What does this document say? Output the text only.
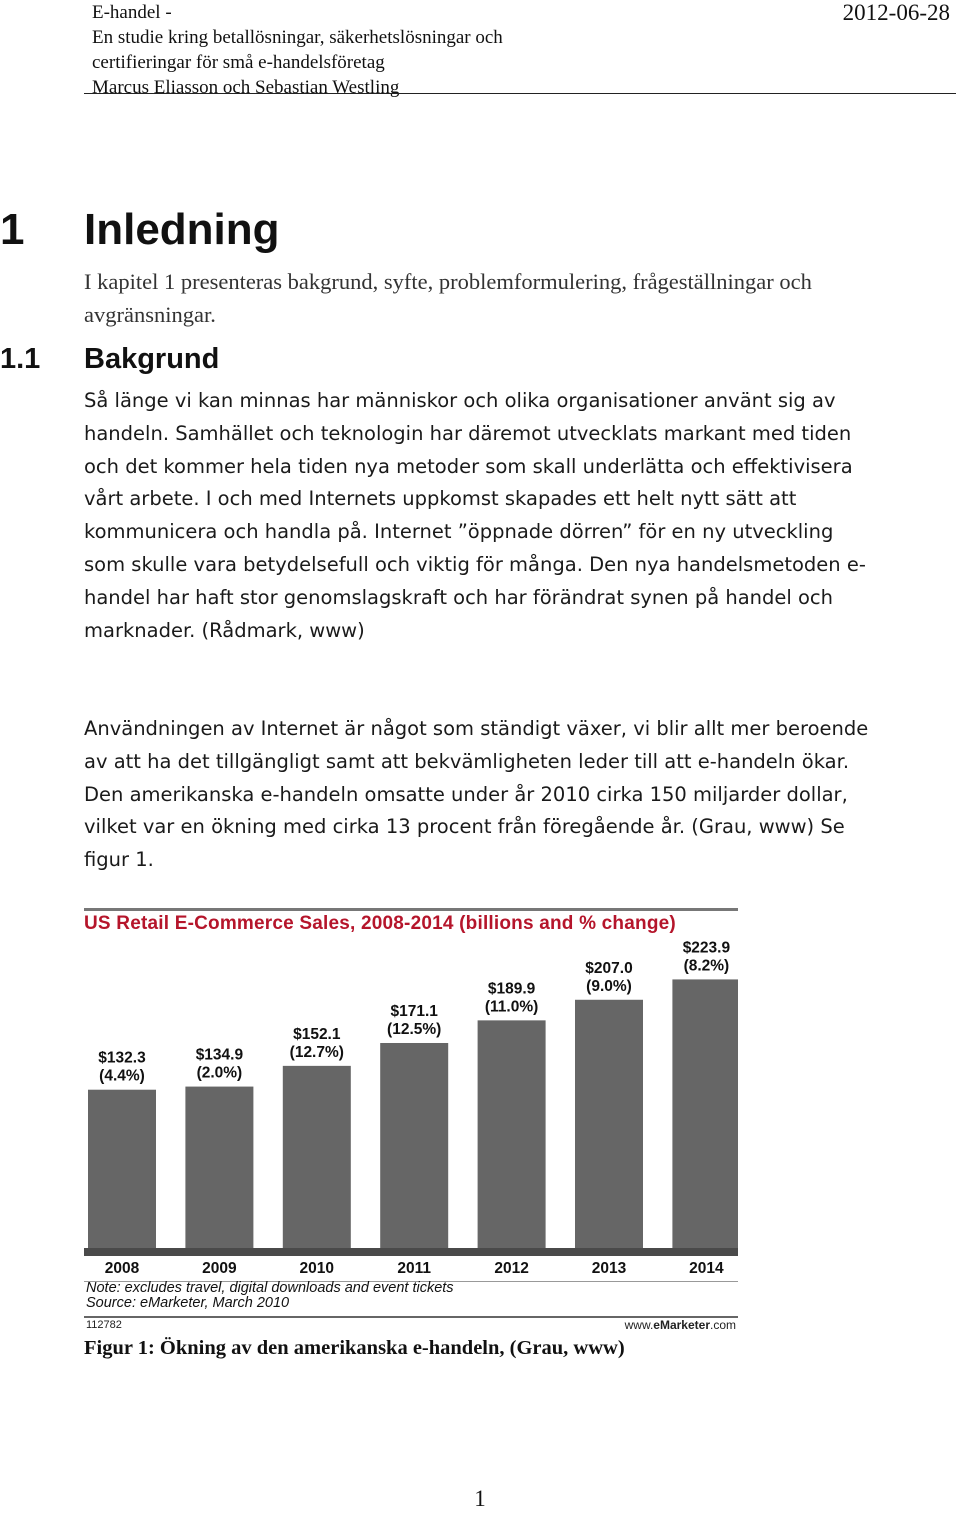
E-handel -
En studie kring betallösningar, säkerhetslösningar och
certifieringar för små e-handelsföretag
Marcus Eliasson och Sebastian Westling
2012-06-28
1 Inledning
I kapitel 1 presenteras bakgrund, syfte, problemformulering, frågeställningar och avgränsningar.
1.1 Bakgrund
Så länge vi kan minnas har människor och olika organisationer använt sig av handeln. Samhället och teknologin har däremot utvecklats markant med tiden och det kommer hela tiden nya metoder som skall underlätta och effektivisera vårt arbete. I och med Internets uppkomst skapades ett helt nytt sätt att kommunicera och handla på. Internet ”öppnade dörren” för en ny utveckling som skulle vara betydelsefull och viktig för många. Den nya handelsmetoden e-handel har haft stor genomslagskraft och har förändrat synen på handel och marknader. (Rådmark, www)
Användningen av Internet är något som ständigt växer, vi blir allt mer beroende av att ha det tillgängligt samt att bekvämligheten leder till att e-handeln ökar. Den amerikanska e-handeln omsatte under år 2010 cirka 150 miljarder dollar, vilket var en ökning med cirka 13 procent från föregående år. (Grau, www) Se figur 1.
US Retail E-Commerce Sales, 2008-2014 (billions and % change)
$132.3
(4.4%)
$134.9
(2.0%)
$152.1
(12.7%)
$171.1
(12.5%)
$189.9
(11.0%)
$207.0
(9.0%)
$223.9
(8.2%)
2008	2009	2010	2011	2012	2013	2014
Note: excludes travel, digital downloads and event tickets
Source: eMarketer, March 2010
112782	www.eMarketer.com
Figur 1: Ökning av den amerikanska e-handeln, (Grau, www)
1
